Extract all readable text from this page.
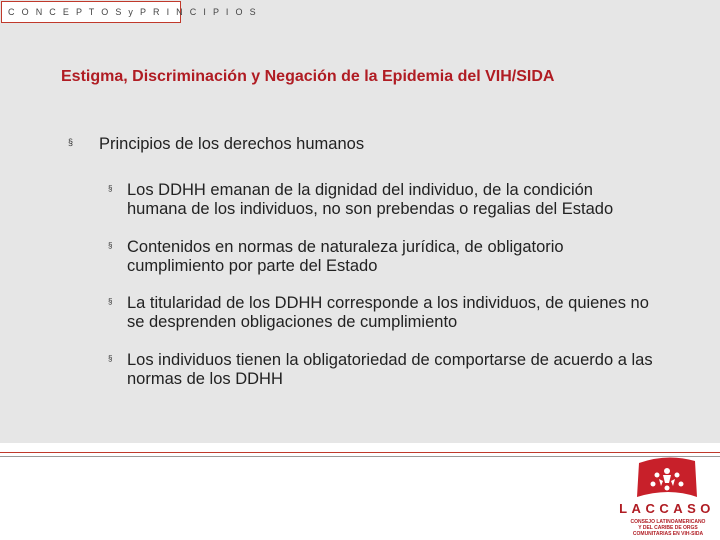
C O N C E P T O S y P R I N C I P I O S
Estigma, Discriminación y Negación de la Epidemia del VIH/SIDA
§ Principios de los derechos humanos
§ Los DDHH emanan de la dignidad del individuo, de la condición humana de los individuos, no son prebendas o regalias del Estado
§ Contenidos en normas de naturaleza jurídica, de obligatorio cumplimiento por parte del Estado
§ La titularidad de los DDHH corresponde a los individuos, de quienes no se desprenden obligaciones de cumplimiento
§ Los individuos tienen la obligatoriedad de comportarse de acuerdo a las normas de los DDHH
LACCASO
CONSEJO LATINOAMERICANO
Y DEL CARIBE DE ORGS
COMUNITARIAS EN VIH-SIDA
